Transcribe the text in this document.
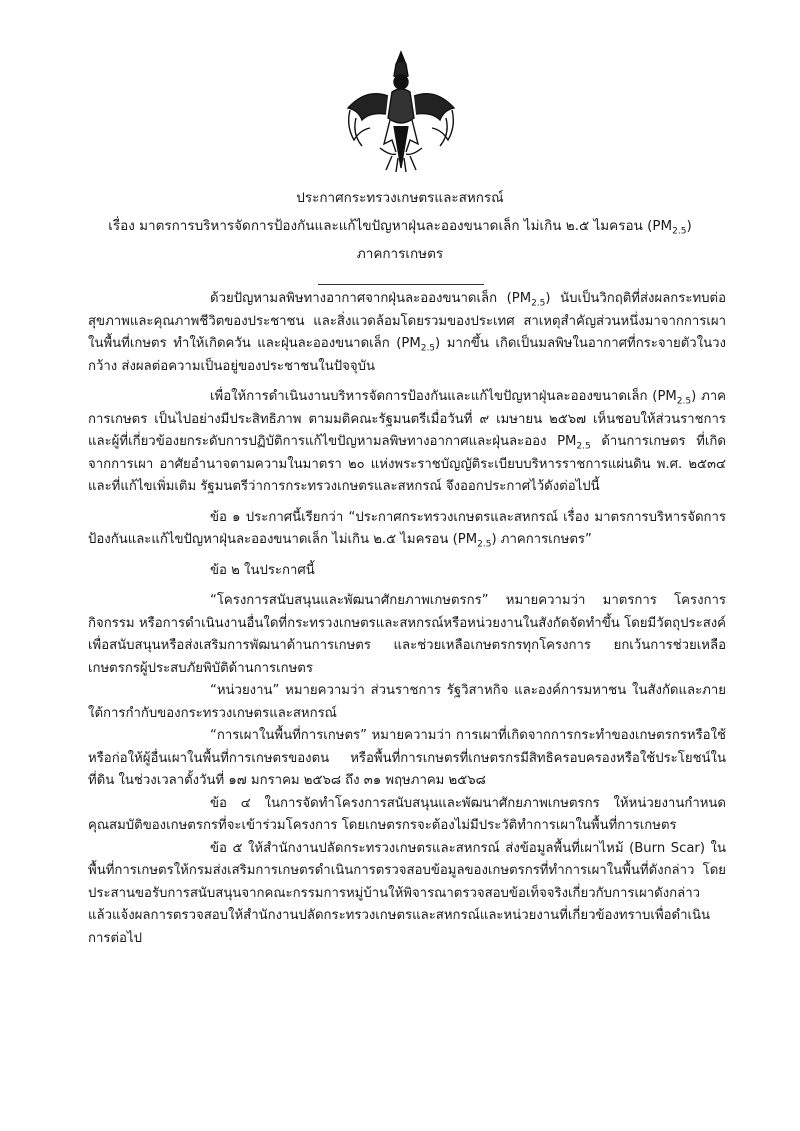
ประกาศกระทรวงเกษตรและสหกรณ์
เรื่อง มาตรการบริหารจัดการป้องกันและแก้ไขปัญหาฝุ่นละอองขนาดเล็ก ไม่เกิน ๒.๕ ไมครอน $(PM_{2.5})$
ภาคการเกษตร

ด้วยปัญหามลพิษทางอากาศจากฝุ่นละอองขนาดเล็ก $(PM_{2.5})$ นับเป็นวิกฤติที่ส่งผลกระทบต่อสุขภาพและคุณภาพชีวิตของประชาชน และสิ่งแวดล้อมโดยรวมของประเทศ สาเหตุสำคัญส่วนหนึ่งมาจากการเผาในพื้นที่เกษตร ทำให้เกิดควัน และฝุ่นละอองขนาดเล็ก $(PM_{2.5})$ มากขึ้น เกิดเป็นมลพิษในอากาศที่กระจายตัวในวงกว้าง ส่งผลต่อความเป็นอยู่ของประชาชนในปัจจุบัน

เพื่อให้การดำเนินงานบริหารจัดการป้องกันและแก้ไขปัญหาฝุ่นละอองขนาดเล็ก $(PM_{2.5})$ ภาคการเกษตร เป็นไปอย่างมีประสิทธิภาพ ตามมติคณะรัฐมนตรีเมื่อวันที่ ๙ เมษายน ๒๕๖๗ เห็นชอบให้ส่วนราชการและผู้ที่เกี่ยวข้องยกระดับการปฏิบัติการแก้ไขปัญหามลพิษทางอากาศและฝุ่นละออง $PM_{2.5}$ ด้านการเกษตร ที่เกิดจากการเผา อาศัยอำนาจตามความในมาตรา ๒๐ แห่งพระราชบัญญัติระเบียบบริหารราชการแผ่นดิน พ.ศ. ๒๕๓๔ และที่แก้ไขเพิ่มเติม รัฐมนตรีว่าการกระทรวงเกษตรและสหกรณ์ จึงออกประกาศไว้ดังต่อไปนี้

ข้อ ๑ ประกาศนี้เรียกว่า “ประกาศกระทรวงเกษตรและสหกรณ์ เรื่อง มาตรการบริหารจัดการป้องกันและแก้ไขปัญหาฝุ่นละอองขนาดเล็ก ไม่เกิน ๒.๕ ไมครอน $(PM_{2.5})$ ภาคการเกษตร”

ข้อ ๒ ในประกาศนี้

“โครงการสนับสนุนและพัฒนาศักยภาพเกษตรกร” หมายความว่า มาตรการ โครงการ กิจกรรม หรือการดำเนินงานอื่นใดที่กระทรวงเกษตรและสหกรณ์หรือหน่วยงานในสังกัดจัดทำขึ้น โดยมีวัตถุประสงค์เพื่อสนับสนุนหรือส่งเสริมการพัฒนาด้านการเกษตร และช่วยเหลือเกษตรกรทุกโครงการ ยกเว้นการช่วยเหลือเกษตรกรผู้ประสบภัยพิบัติด้านการเกษตร

“หน่วยงาน” หมายความว่า ส่วนราชการ รัฐวิสาหกิจ และองค์การมหาชน ในสังกัดและภายใต้การกำกับของกระทรวงเกษตรและสหกรณ์

“การเผาในพื้นที่การเกษตร” หมายความว่า การเผาที่เกิดจากการกระทำของเกษตรกรหรือใช้หรือก่อให้ผู้อื่นเผาในพื้นที่การเกษตรของตน หรือพื้นที่การเกษตรที่เกษตรกรมีสิทธิครอบครองหรือใช้ประโยชน์ในที่ดิน ในช่วงเวลาตั้งวันที่ ๑๗ มกราคม ๒๕๖๘ ถึง ๓๑ พฤษภาคม ๒๕๖๘

ข้อ ๔ ในการจัดทำโครงการสนับสนุนและพัฒนาศักยภาพเกษตรกร ให้หน่วยงานกำหนดคุณสมบัติของเกษตรกรที่จะเข้าร่วมโครงการ โดยเกษตรกรจะต้องไม่มีประวัติทำการเผาในพื้นที่การเกษตร

ข้อ ๕ ให้สำนักงานปลัดกระทรวงเกษตรและสหกรณ์ ส่งข้อมูลพื้นที่เผาไหม้ (Burn Scar) ในพื้นที่การเกษตรให้กรมส่งเสริมการเกษตรดำเนินการตรวจสอบข้อมูลของเกษตรกรที่ทำการเผาในพื้นที่ดังกล่าว โดยประสานขอรับการสนับสนุนจากคณะกรรมการหมู่บ้านให้พิจารณาตรวจสอบข้อเท็จจริงเกี่ยวกับการเผาดังกล่าว แล้วแจ้งผลการตรวจสอบให้สำนักงานปลัดกระทรวงเกษตรและสหกรณ์และหน่วยงานที่เกี่ยวข้องทราบเพื่อดำเนินการต่อไป
